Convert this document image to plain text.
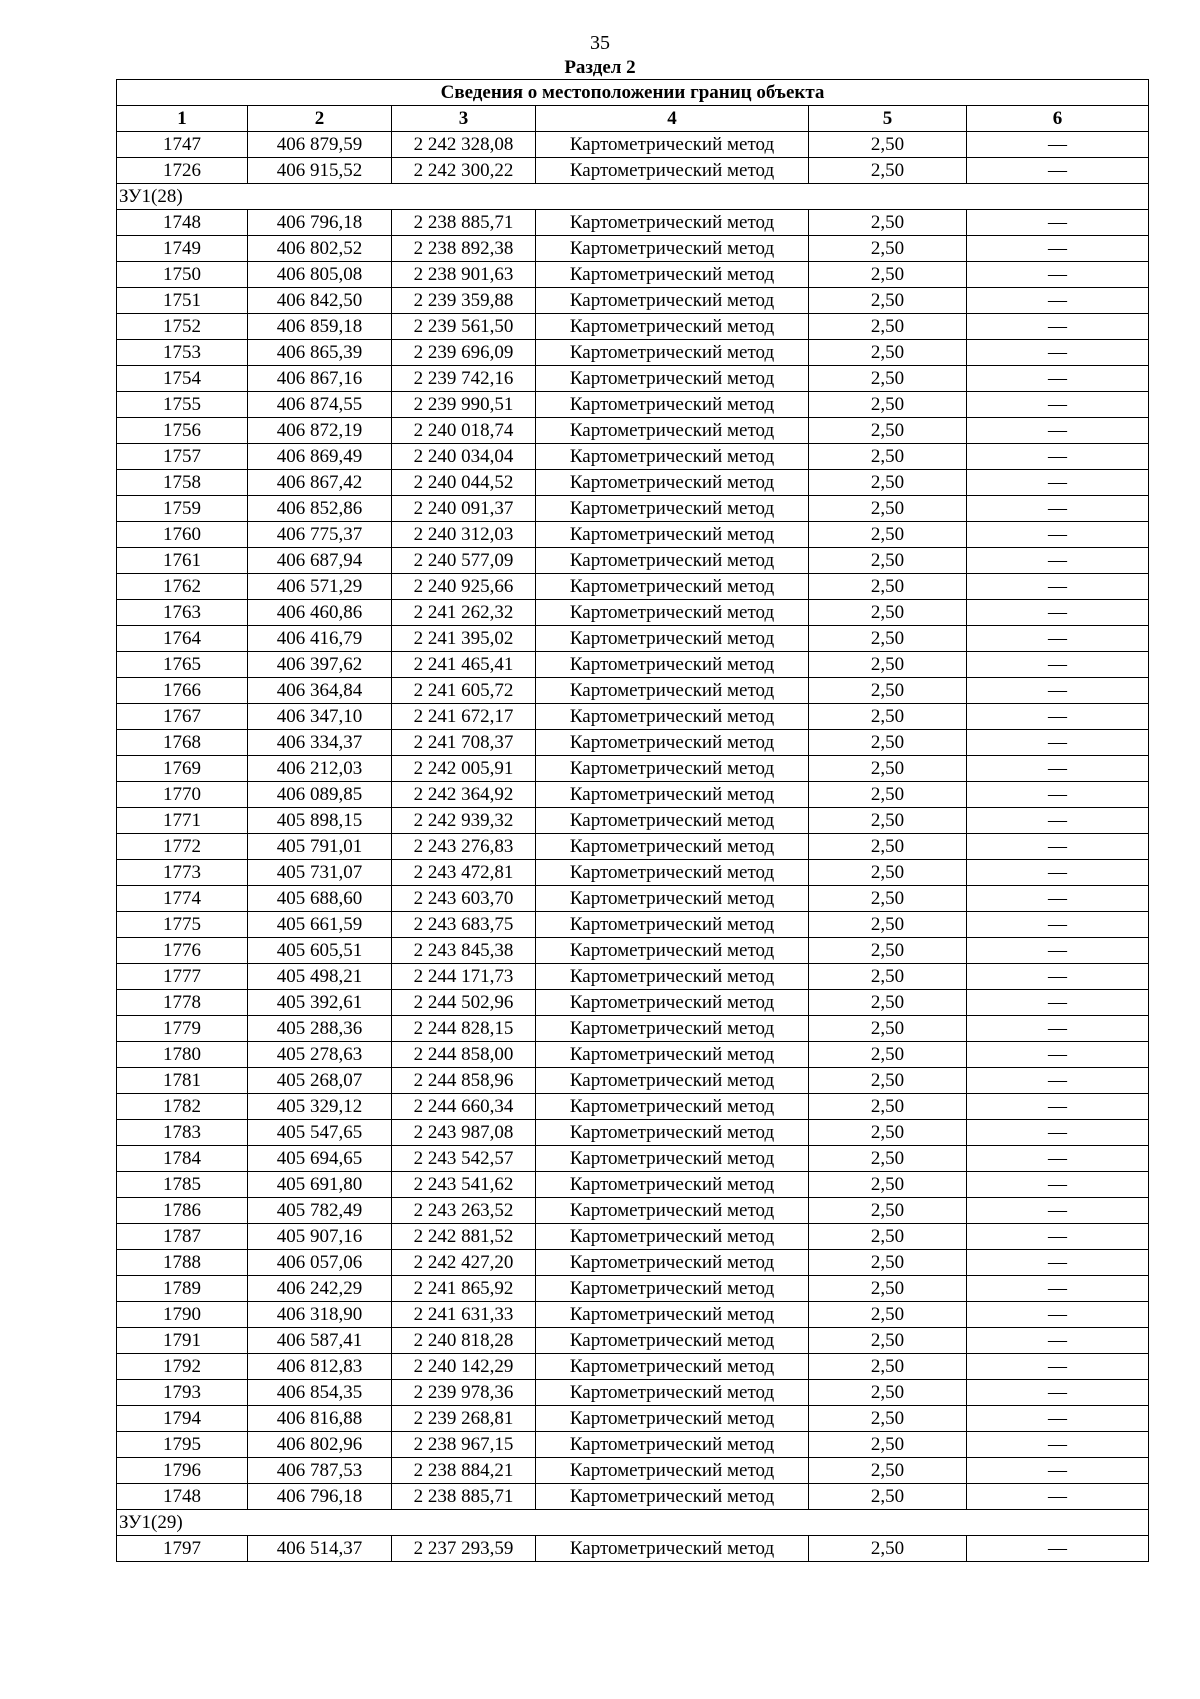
35
Раздел 2
Сведения о местоположении границ объекта					
1	2	3	4	5	6
1747	406 879,59	2 242 328,08	Картометрический метод	2,50	—
1726	406 915,52	2 242 300,22	Картометрический метод	2,50	—
ЗУ1(28)					
1748	406 796,18	2 238 885,71	Картометрический метод	2,50	—
1749	406 802,52	2 238 892,38	Картометрический метод	2,50	—
1750	406 805,08	2 238 901,63	Картометрический метод	2,50	—
1751	406 842,50	2 239 359,88	Картометрический метод	2,50	—
1752	406 859,18	2 239 561,50	Картометрический метод	2,50	—
1753	406 865,39	2 239 696,09	Картометрический метод	2,50	—
1754	406 867,16	2 239 742,16	Картометрический метод	2,50	—
1755	406 874,55	2 239 990,51	Картометрический метод	2,50	—
1756	406 872,19	2 240 018,74	Картометрический метод	2,50	—
1757	406 869,49	2 240 034,04	Картометрический метод	2,50	—
1758	406 867,42	2 240 044,52	Картометрический метод	2,50	—
1759	406 852,86	2 240 091,37	Картометрический метод	2,50	—
1760	406 775,37	2 240 312,03	Картометрический метод	2,50	—
1761	406 687,94	2 240 577,09	Картометрический метод	2,50	—
1762	406 571,29	2 240 925,66	Картометрический метод	2,50	—
1763	406 460,86	2 241 262,32	Картометрический метод	2,50	—
1764	406 416,79	2 241 395,02	Картометрический метод	2,50	—
1765	406 397,62	2 241 465,41	Картометрический метод	2,50	—
1766	406 364,84	2 241 605,72	Картометрический метод	2,50	—
1767	406 347,10	2 241 672,17	Картометрический метод	2,50	—
1768	406 334,37	2 241 708,37	Картометрический метод	2,50	—
1769	406 212,03	2 242 005,91	Картометрический метод	2,50	—
1770	406 089,85	2 242 364,92	Картометрический метод	2,50	—
1771	405 898,15	2 242 939,32	Картометрический метод	2,50	—
1772	405 791,01	2 243 276,83	Картометрический метод	2,50	—
1773	405 731,07	2 243 472,81	Картометрический метод	2,50	—
1774	405 688,60	2 243 603,70	Картометрический метод	2,50	—
1775	405 661,59	2 243 683,75	Картометрический метод	2,50	—
1776	405 605,51	2 243 845,38	Картометрический метод	2,50	—
1777	405 498,21	2 244 171,73	Картометрический метод	2,50	—
1778	405 392,61	2 244 502,96	Картометрический метод	2,50	—
1779	405 288,36	2 244 828,15	Картометрический метод	2,50	—
1780	405 278,63	2 244 858,00	Картометрический метод	2,50	—
1781	405 268,07	2 244 858,96	Картометрический метод	2,50	—
1782	405 329,12	2 244 660,34	Картометрический метод	2,50	—
1783	405 547,65	2 243 987,08	Картометрический метод	2,50	—
1784	405 694,65	2 243 542,57	Картометрический метод	2,50	—
1785	405 691,80	2 243 541,62	Картометрический метод	2,50	—
1786	405 782,49	2 243 263,52	Картометрический метод	2,50	—
1787	405 907,16	2 242 881,52	Картометрический метод	2,50	—
1788	406 057,06	2 242 427,20	Картометрический метод	2,50	—
1789	406 242,29	2 241 865,92	Картометрический метод	2,50	—
1790	406 318,90	2 241 631,33	Картометрический метод	2,50	—
1791	406 587,41	2 240 818,28	Картометрический метод	2,50	—
1792	406 812,83	2 240 142,29	Картометрический метод	2,50	—
1793	406 854,35	2 239 978,36	Картометрический метод	2,50	—
1794	406 816,88	2 239 268,81	Картометрический метод	2,50	—
1795	406 802,96	2 238 967,15	Картометрический метод	2,50	—
1796	406 787,53	2 238 884,21	Картометрический метод	2,50	—
1748	406 796,18	2 238 885,71	Картометрический метод	2,50	—
ЗУ1(29)					
1797	406 514,37	2 237 293,59	Картометрический метод	2,50	—
